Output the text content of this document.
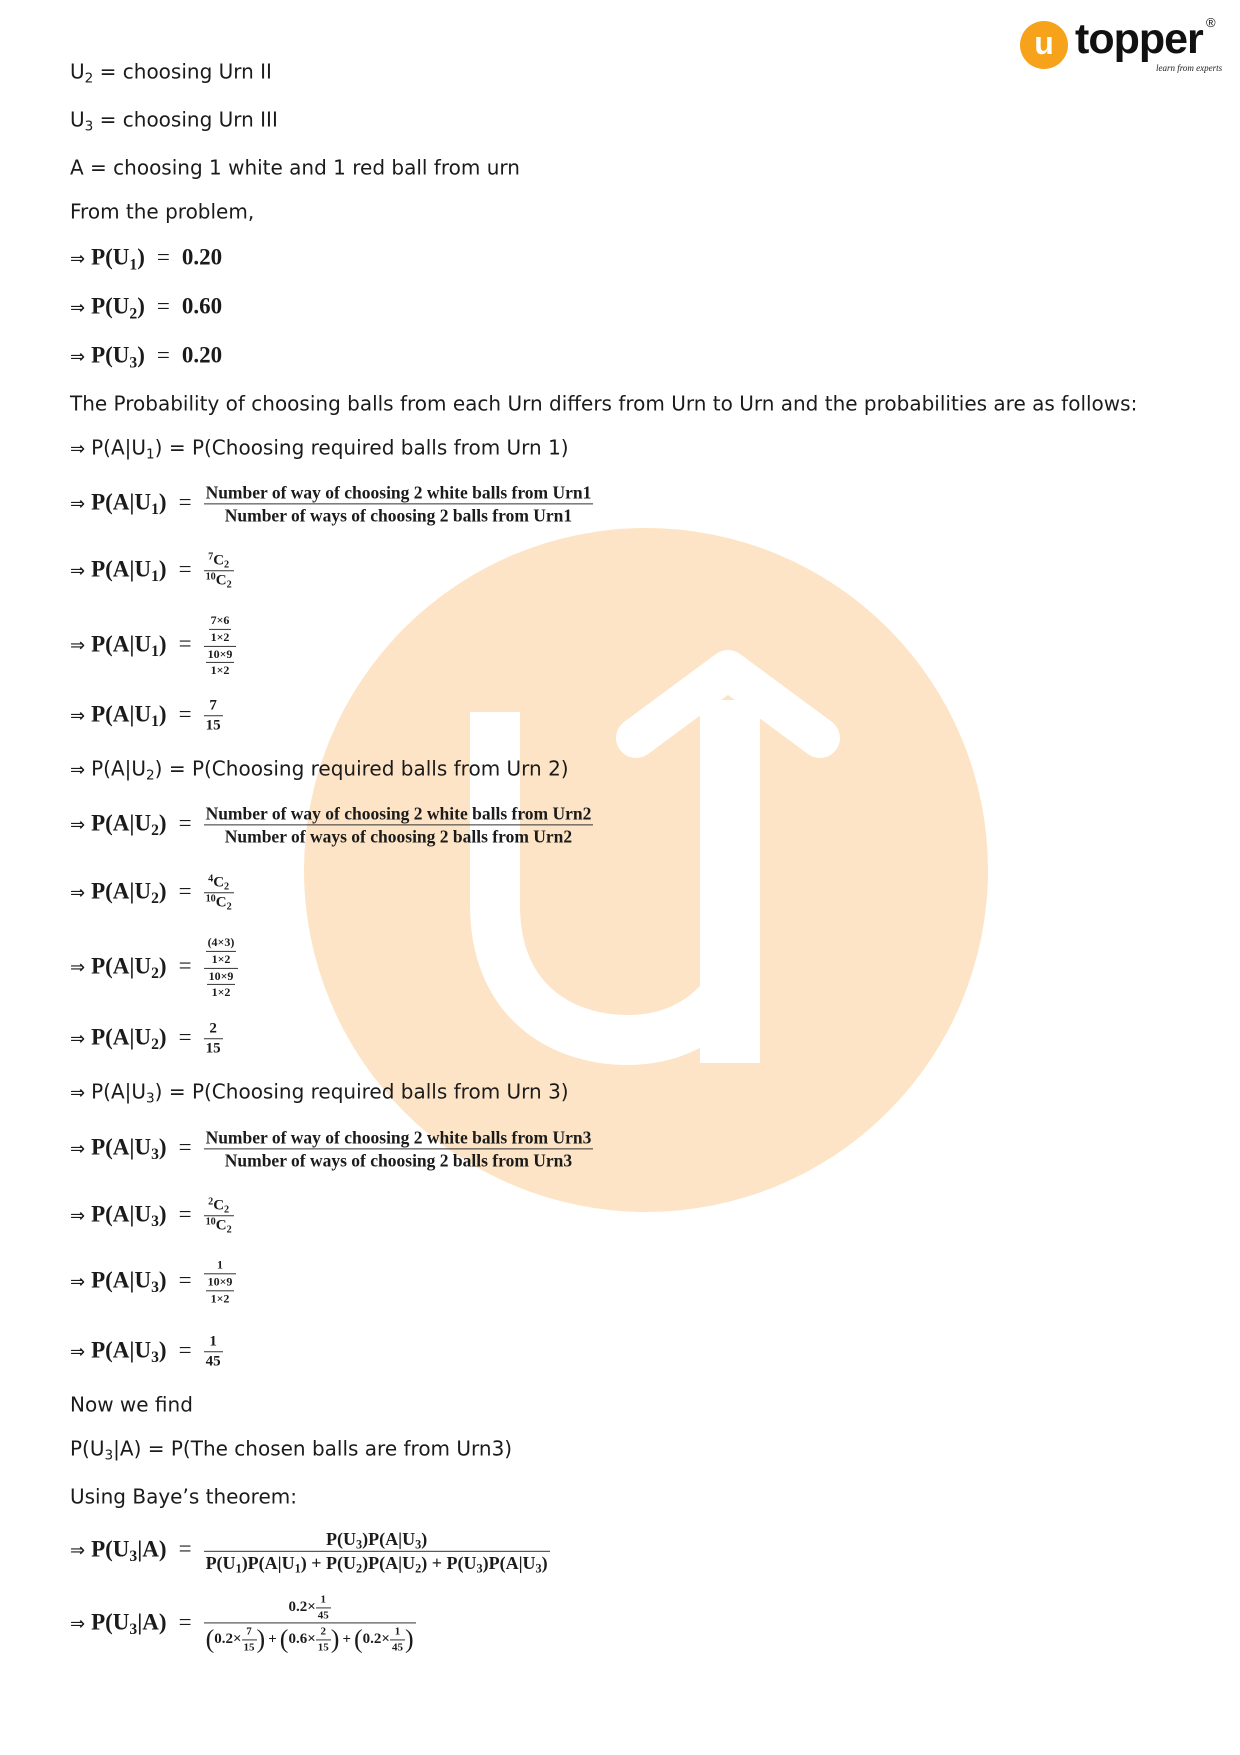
u topper ®
learn from experts
$U_2$ = choosing Urn II
$U_3$ = choosing Urn III
A = choosing 1 white and 1 red ball from urn
From the problem,
⇒ $P(U_1) = 0.20$
⇒ $P(U_2) = 0.60$
⇒ $P(U_3) = 0.20$
The Probability of choosing balls from each Urn differs from Urn to Urn and the probabilities are as follows:
⇒ $P(A|U_1)$ = P(Choosing required balls from Urn 1)
⇒ $P(A|U_1) = \frac{\text{Number of way of choosing 2 white balls from Urn1}}{\text{Number of ways of choosing 2 balls from Urn1}}$
⇒ $P(A|U_1) = \frac{^7C_2}{^{10}C_2}$
⇒ $P(A|U_1) = \frac{\frac{7\times 6}{1\times 2}}{\frac{10\times 9}{1\times 2}}$
⇒ $P(A|U_1) = \frac{7}{15}$
⇒ $P(A|U_2)$ = P(Choosing required balls from Urn 2)
⇒ $P(A|U_2) = \frac{\text{Number of way of choosing 2 white balls from Urn2}}{\text{Number of ways of choosing 2 balls from Urn2}}$
⇒ $P(A|U_2) = \frac{^4C_2}{^{10}C_2}$
⇒ $P(A|U_2) = \frac{\frac{(4\times 3)}{1\times 2}}{\frac{10\times 9}{1\times 2}}$
⇒ $P(A|U_2) = \frac{2}{15}$
⇒ $P(A|U_3)$ = P(Choosing required balls from Urn 3)
⇒ $P(A|U_3) = \frac{\text{Number of way of choosing 2 white balls from Urn3}}{\text{Number of ways of choosing 2 balls from Urn3}}$
⇒ $P(A|U_3) = \frac{^2C_2}{^{10}C_2}$
⇒ $P(A|U_3) = \frac{1}{\frac{10\times 9}{1\times 2}}$
⇒ $P(A|U_3) = \frac{1}{45}$
Now we find
$P(U_3|A) = P(The$ chosen balls are from Urn3)
Using Baye’s theorem:
⇒ $P(U_3|A) = \frac{P(U_3)P(A|U_3)}{P(U_1)P(A|U_1) + P(U_2)P(A|U_2) + P(U_3)P(A|U_3)}$
⇒ $P(U_3|A) = \frac{0.2\times \frac{1}{45}}{(0.2\times \frac{7}{15} ) + (0.6\times \frac{2}{15} ) + (0.2\times \frac{1}{45} )}$
